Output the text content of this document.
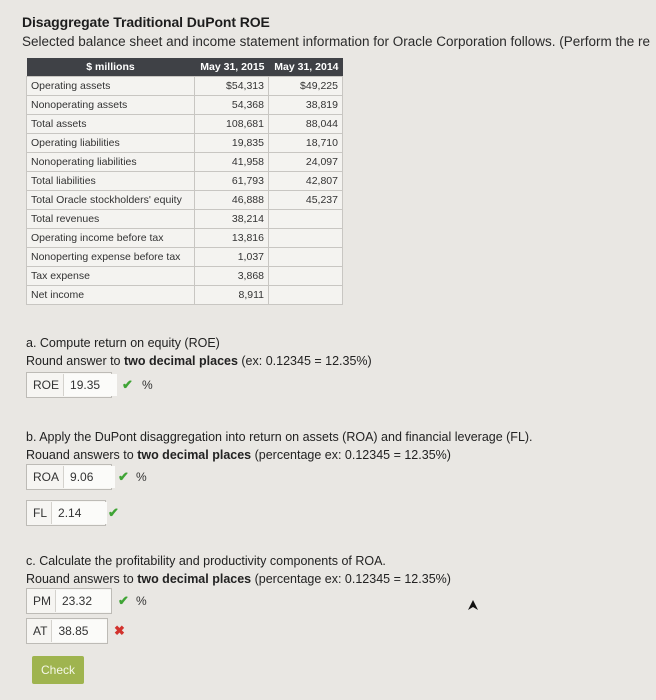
Disaggregate Traditional DuPont ROE
Selected balance sheet and income statement information for Oracle Corporation follows. (Perform the re
$ millions	May 31, 2015	May 31, 2014
Operating assets	$54,313	$49,225
Nonoperating assets	54,368	38,819
Total assets	108,681	88,044
Operating liabilities	19,835	18,710
Nonoperating liabilities	41,958	24,097
Total liabilities	61,793	42,807
Total Oracle stockholders' equity	46,888	45,237
Total revenues	38,214	
Operating income before tax	13,816	
Nonoperting expense before tax	1,037	
Tax expense	3,868	
Net income	8,911	
a. Compute return on equity (ROE)
Round answer to two decimal places (ex: 0.12345 = 12.35%)
ROE
19.35	✔ %
b. Apply the DuPont disaggregation into return on assets (ROA) and financial leverage (FL).
Rouand answers to two decimal places (percentage ex: 0.12345 = 12.35%)
ROA
9.06	✔ %
FL
2.14	✔
c. Calculate the profitability and productivity components of ROA.
Rouand answers to two decimal places (percentage ex: 0.12345 = 12.35%)
PM
23.32	✔ %
AT
38.85	✖
Check
